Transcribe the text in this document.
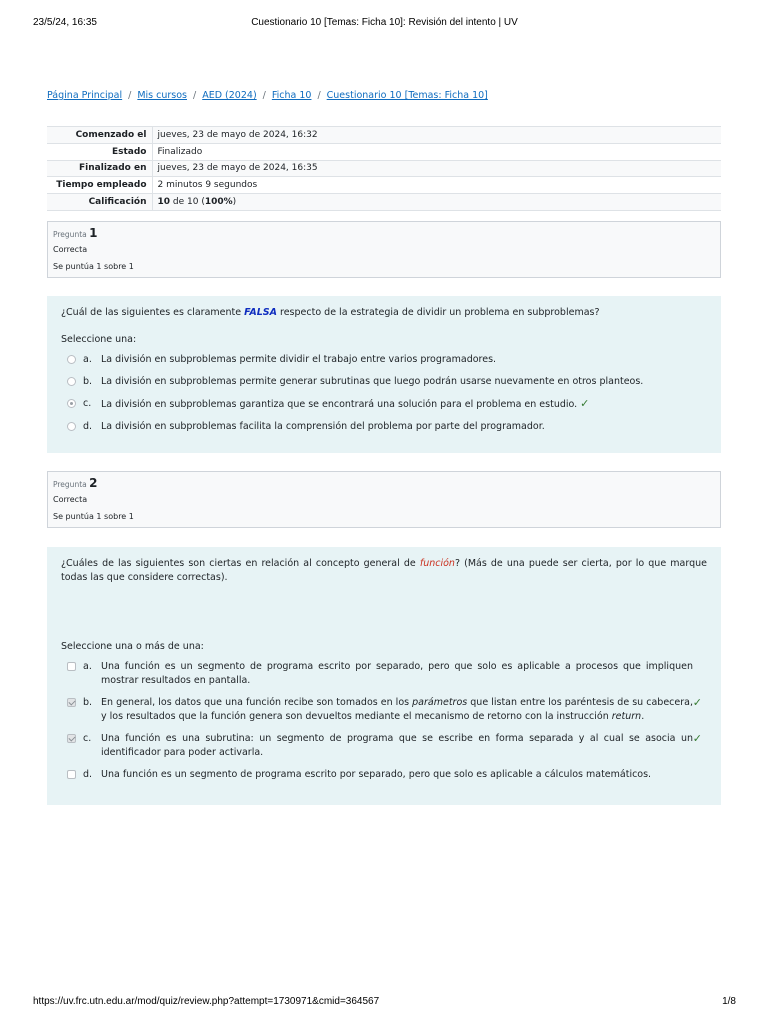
23/5/24, 16:35	Cuestionario 10 [Temas: Ficha 10]: Revisión del intento | UV
Página Principal / Mis cursos / AED (2024) / Ficha 10 / Cuestionario 10 [Temas: Ficha 10]
Comenzado el	jueves, 23 de mayo de 2024, 16:32
Estado	Finalizado
Finalizado en	jueves, 23 de mayo de 2024, 16:35
Tiempo empleado	2 minutos 9 segundos
Calificación	10 de 10 (100%)
Pregunta 1
Correcta
Se puntúa 1 sobre 1
¿Cuál de las siguientes es claramente FALSA respecto de la estrategia de dividir un problema en subproblemas?
Seleccione una:
a. La división en subproblemas permite dividir el trabajo entre varios programadores.
b. La división en subproblemas permite generar subrutinas que luego podrán usarse nuevamente en otros planteos.
c. La división en subproblemas garantiza que se encontrará una solución para el problema en estudio. ✓
d. La división en subproblemas facilita la comprensión del problema por parte del programador.
Pregunta 2
Correcta
Se puntúa 1 sobre 1
¿Cuáles de las siguientes son ciertas en relación al concepto general de función? (Más de una puede ser cierta, por lo que marque todas las que considere correctas).
Seleccione una o más de una:
a. Una función es un segmento de programa escrito por separado, pero que solo es aplicable a procesos que impliquen mostrar resultados en pantalla.
b. En general, los datos que una función recibe son tomados en los parámetros que listan entre los paréntesis de su cabecera, y los resultados que la función genera son devueltos mediante el mecanismo de retorno con la instrucción return.
✓
c. Una función es una subrutina: un segmento de programa que se escribe en forma separada y al cual se asocia un identificador para poder activarla.
✓
d. Una función es un segmento de programa escrito por separado, pero que solo es aplicable a cálculos matemáticos.
https://uv.frc.utn.edu.ar/mod/quiz/review.php?attempt=1730971&cmid=364567	1/8
